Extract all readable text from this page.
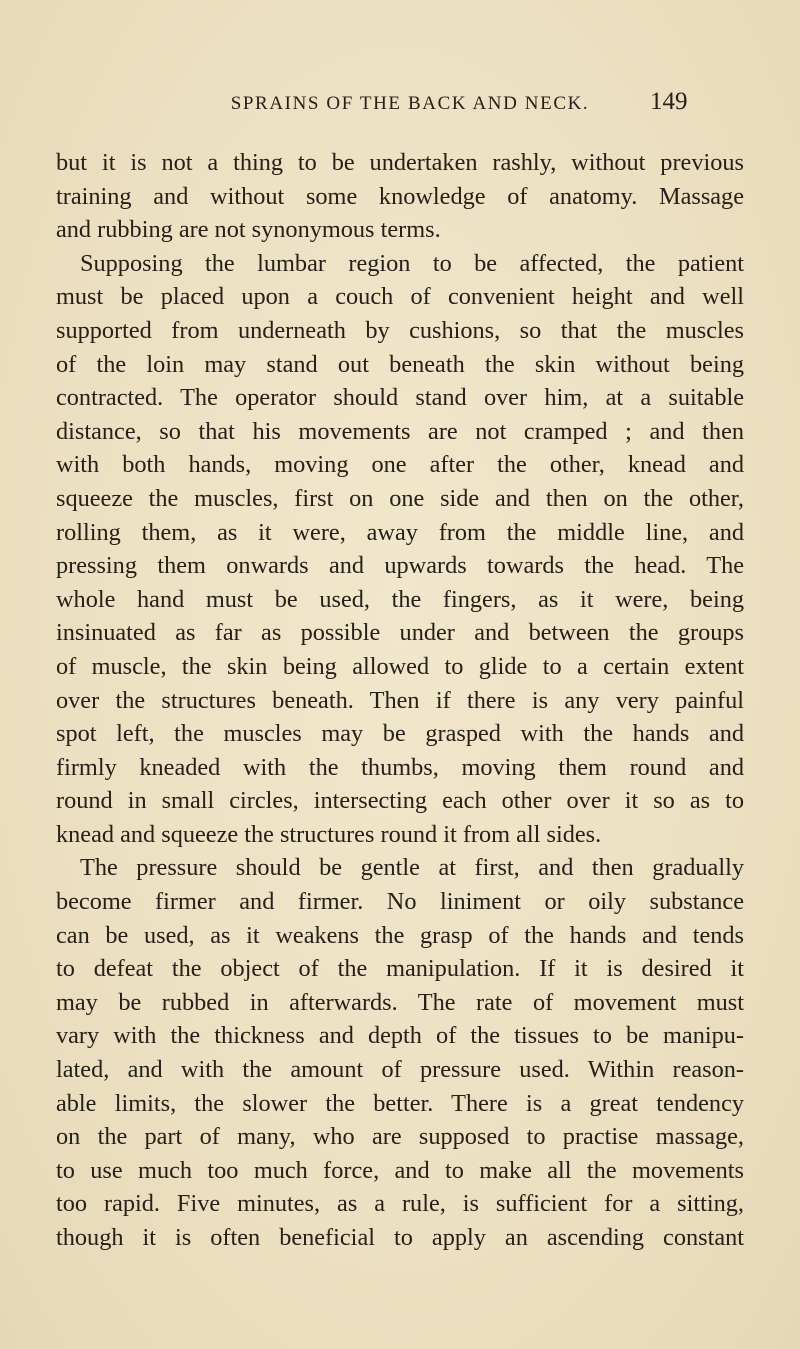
SPRAINS OF THE BACK AND NECK.	149
but it is not a thing to be undertaken rashly, without previous
training and without some knowledge of anatomy. Massage
and rubbing are not synonymous terms.
Supposing the lumbar region to be affected, the patient
must be placed upon a couch of convenient height and well
supported from underneath by cushions, so that the muscles
of the loin may stand out beneath the skin without being
contracted. The operator should stand over him, at a suitable
distance, so that his movements are not cramped ; and then
with both hands, moving one after the other, knead and
squeeze the muscles, first on one side and then on the other,
rolling them, as it were, away from the middle line, and
pressing them onwards and upwards towards the head. The
whole hand must be used, the fingers, as it were, being
insinuated as far as possible under and between the groups
of muscle, the skin being allowed to glide to a certain extent
over the structures beneath. Then if there is any very painful
spot left, the muscles may be grasped with the hands and
firmly kneaded with the thumbs, moving them round and
round in small circles, intersecting each other over it so as to
knead and squeeze the structures round it from all sides.
The pressure should be gentle at first, and then gradually
become firmer and firmer. No liniment or oily substance
can be used, as it weakens the grasp of the hands and tends
to defeat the object of the manipulation. If it is desired it
may be rubbed in afterwards. The rate of movement must
vary with the thickness and depth of the tissues to be manipu-
lated, and with the amount of pressure used. Within reason-
able limits, the slower the better. There is a great tendency
on the part of many, who are supposed to practise massage,
to use much too much force, and to make all the movements
too rapid. Five minutes, as a rule, is sufficient for a sitting,
though it is often beneficial to apply an ascending constant
